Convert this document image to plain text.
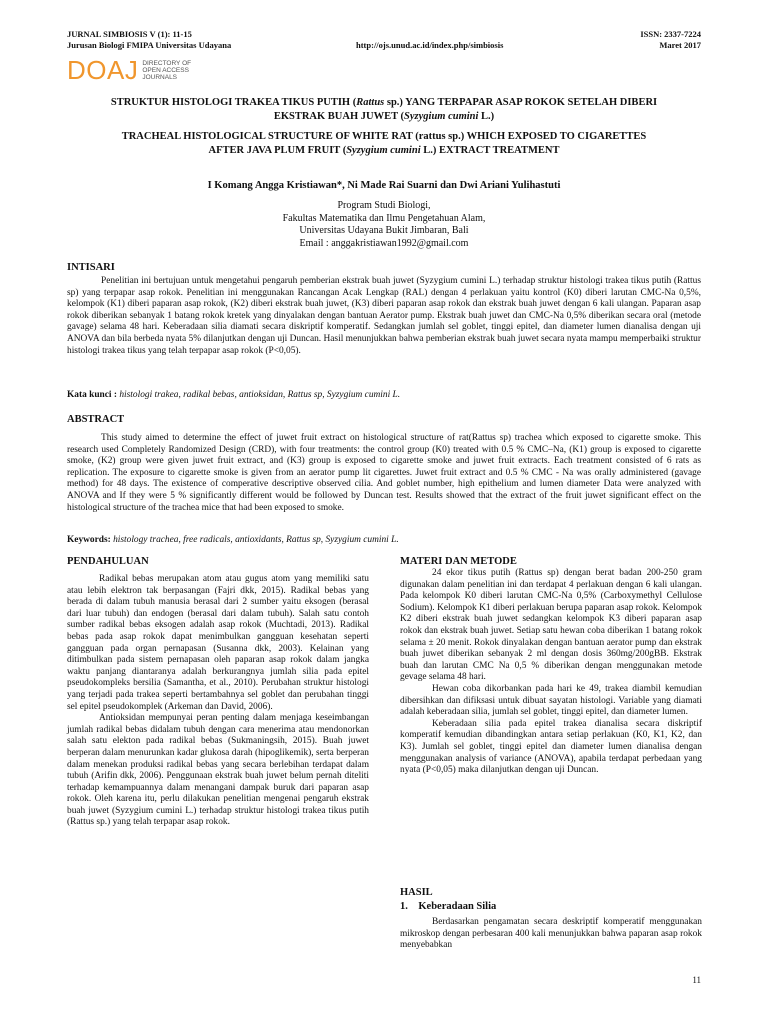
JURNAL SIMBIOSIS V (1): 11-15
Jurusan Biologi FMIPA Universitas Udayana	http://ojs.unud.ac.id/index.php/simbiosis
ISSN: 2337-7224
Maret 2017
DOAJ DIRECTORY OF
OPEN ACCESS
JOURNALS
STRUKTUR HISTOLOGI TRAKEA TIKUS PUTIH (Rattus sp.) YANG TERPAPAR ASAP ROKOK SETELAH DIBERI
EKSTRAK BUAH JUWET (Syzygium cumini L.)
TRACHEAL HISTOLOGICAL STRUCTURE OF WHITE RAT (rattus sp.) WHICH EXPOSED TO CIGARETTES
AFTER JAVA PLUM FRUIT (Syzygium cumini L.) EXTRACT TREATMENT
I Komang Angga Kristiawan*, Ni Made Rai Suarni dan Dwi Ariani Yulihastuti
Program Studi Biologi,
Fakultas Matematika dan Ilmu Pengetahuan Alam,
Universitas Udayana Bukit Jimbaran, Bali
Email : anggakristiawan1992@gmail.com
INTISARI

Penelitian ini bertujuan untuk mengetahui pengaruh pemberian ekstrak buah juwet (Syzygium cumini L.) terhadap struktur histologi trakea tikus putih (Rattus sp) yang terpapar asap rokok. Penelitian ini menggunakan Rancangan Acak Lengkap (RAL) dengan 4 perlakuan yaitu kontrol (K0) diberi larutan CMC-Na 0,5%, kelompok (K1) diberi paparan asap rokok, (K2) diberi ekstrak buah juwet, (K3) diberi paparan asap rokok dan ekstrak buah juwet dengan 6 kali ulangan. Paparan asap rokok diberikan sebanyak 1 batang rokok kretek yang dinyalakan dengan bantuan Aerator pump. Ekstrak buah juwet dan CMC-Na 0,5% diberikan secara oral (metode gavage) selama 48 hari. Keberadaan silia diamati secara diskriptif komperatif. Sedangkan jumlah sel goblet, tinggi epitel, dan diameter lumen dianalisa dengan uji ANOVA dan bila berbeda nyata 5% dilanjutkan dengan uji Duncan. Hasil menunjukkan bahwa pemberian ekstrak buah juwet secara nyata mampu memperbaiki struktur histologi trakea tikus yang telah terpapar asap rokok (P<0,05).

Kata kunci : histologi trakea, radikal bebas, antioksidan, Rattus sp, Syzygium cumini L.
ABSTRACT

This study aimed to determine the effect of juwet fruit extract on histological structure of rat(Rattus sp) trachea which exposed to cigarette smoke. This research used Completely Randomized Design (CRD), with four treatments: the control group (K0) treated with 0.5 % CMC–Na, (K1) group is exposed to cigarette smoke, (K2) group were given juwet fruit extract, and (K3) group is exposed to cigarette smoke and juwet fruit extracts. Each treatment consisted of 6 rats as replication. The exposure to cigarette smoke is given from an aerator pump lit cigarettes. Juwet fruit extract and 0.5 % CMC - Na was orally administered (gavage method) for 48 days. The existence of comperative descriptive observed cilia. And goblet number, high epithelium and lumen diameter Data were analyzed with ANOVA and If they were 5 % significantly different would be followed by Duncan test. Results showed that the extract of the fruit juwet significant effect on the histological structure of the trachea mice that had been exposed to smoke.

Keywords: histology trachea, free radicals, antioxidants, Rattus sp, Syzygium cumini L.
PENDAHULUAN

Radikal bebas merupakan atom atau gugus atom yang memiliki satu atau lebih elektron tak berpasangan (Fajri dkk, 2015). Radikal bebas yang berada di dalam tubuh manusia berasal dari 2 sumber yaitu eksogen (berasal dari luar tubuh) dan endogen (berasal dari dalam tubuh). Salah satu contoh sumber radikal bebas eksogen adalah asap rokok (Muchtadi, 2013). Radikal bebas pada asap rokok dapat menimbulkan gangguan kesehatan seperti gangguan pada organ pernapasan (Susanna dkk, 2003). Kelainan yang ditimbulkan pada sistem pernapasan oleh paparan asap rokok dalam jangka waktu panjang diantaranya adalah berkurangnya jumlah silia pada epitel pseudokompleks bersilia (Samantha, et al., 2010). Perubahan struktur histologi yang terjadi pada trakea seperti bertambahnya sel goblet dan perubahan tinggi sel epitel pseudokomplek (Arkeman dan David, 2006).

Antioksidan mempunyai peran penting dalam menjaga keseimbangan jumlah radikal bebas didalam tubuh dengan cara menerima atau mendonorkan salah satu elekton pada radikal bebas (Sukmaningsih, 2015). Buah juwet berperan dalam menurunkan kadar glukosa darah (hipoglikemik), serta berperan dalam menekan produksi radikal bebas yang secara berlebihan terdapat dalam tubuh (Arifin dkk, 2006). Penggunaan ekstrak buah juwet belum pernah diteliti terhadap kemampuannya dalam menangani dampak buruk dari paparan asap rokok. Oleh karena itu, perlu dilakukan penelitian mengenai pengaruh ekstrak buah juwet (Syzygium cumini L.) terhadap struktur histologi trakea tikus putih (Rattus sp.) yang telah terpapar asap rokok.

MATERI DAN METODE

24 ekor tikus putih (Rattus sp) dengan berat badan 200-250 gram digunakan dalam penelitian ini dan terdapat 4 perlakuan dengan 6 kali ulangan. Pada kelompok K0 diberi larutan CMC-Na 0,5% (Carboxymethyl Cellulose Sodium). Kelompok K1 diberi perlakuan berupa paparan asap rokok. Kelompok K2 diberi ekstrak buah juwet sedangkan kelompok K3 diberi paparan asap rokok dan ekstrak buah juwet. Setiap satu hewan coba diberikan 1 batang rokok selama ± 20 menit. Rokok dinyalakan dengan bantuan aerator pump dan ekstrak buah juwet diberikan sebanyak 2 ml dengan dosis 360mg/200gBB. Ekstrak buah dan larutan CMC Na 0,5 % diberikan dengan menggunakan metode gevage selama 48 hari.

Hewan coba dikorbankan pada hari ke 49, trakea diambil kemudian dibersihkan dan difiksasi untuk dibuat sayatan histologi. Variable yang diamati adalah keberadaan silia, jumlah sel goblet, tinggi epitel, dan diameter lumen.

Keberadaan silia pada epitel trakea dianalisa secara diskriptif komperatif kemudian dibandingkan antara setiap perlakuan (K0, K1, K2, dan K3). Jumlah sel goblet, tinggi epitel dan diameter lumen dianalisa dengan menggunakan analysis of variance (ANOVA), apabila terdapat perbedaan yang nyata (P<0,05) maka dilanjutkan dengan uji Duncan.

HASIL
1.    Keberadaan Silia

Berdasarkan pengamatan secara deskriptif komperatif menggunakan mikroskop dengan perbesaran 400 kali menunjukkan bahwa paparan asap rokok menyebabkan

11
